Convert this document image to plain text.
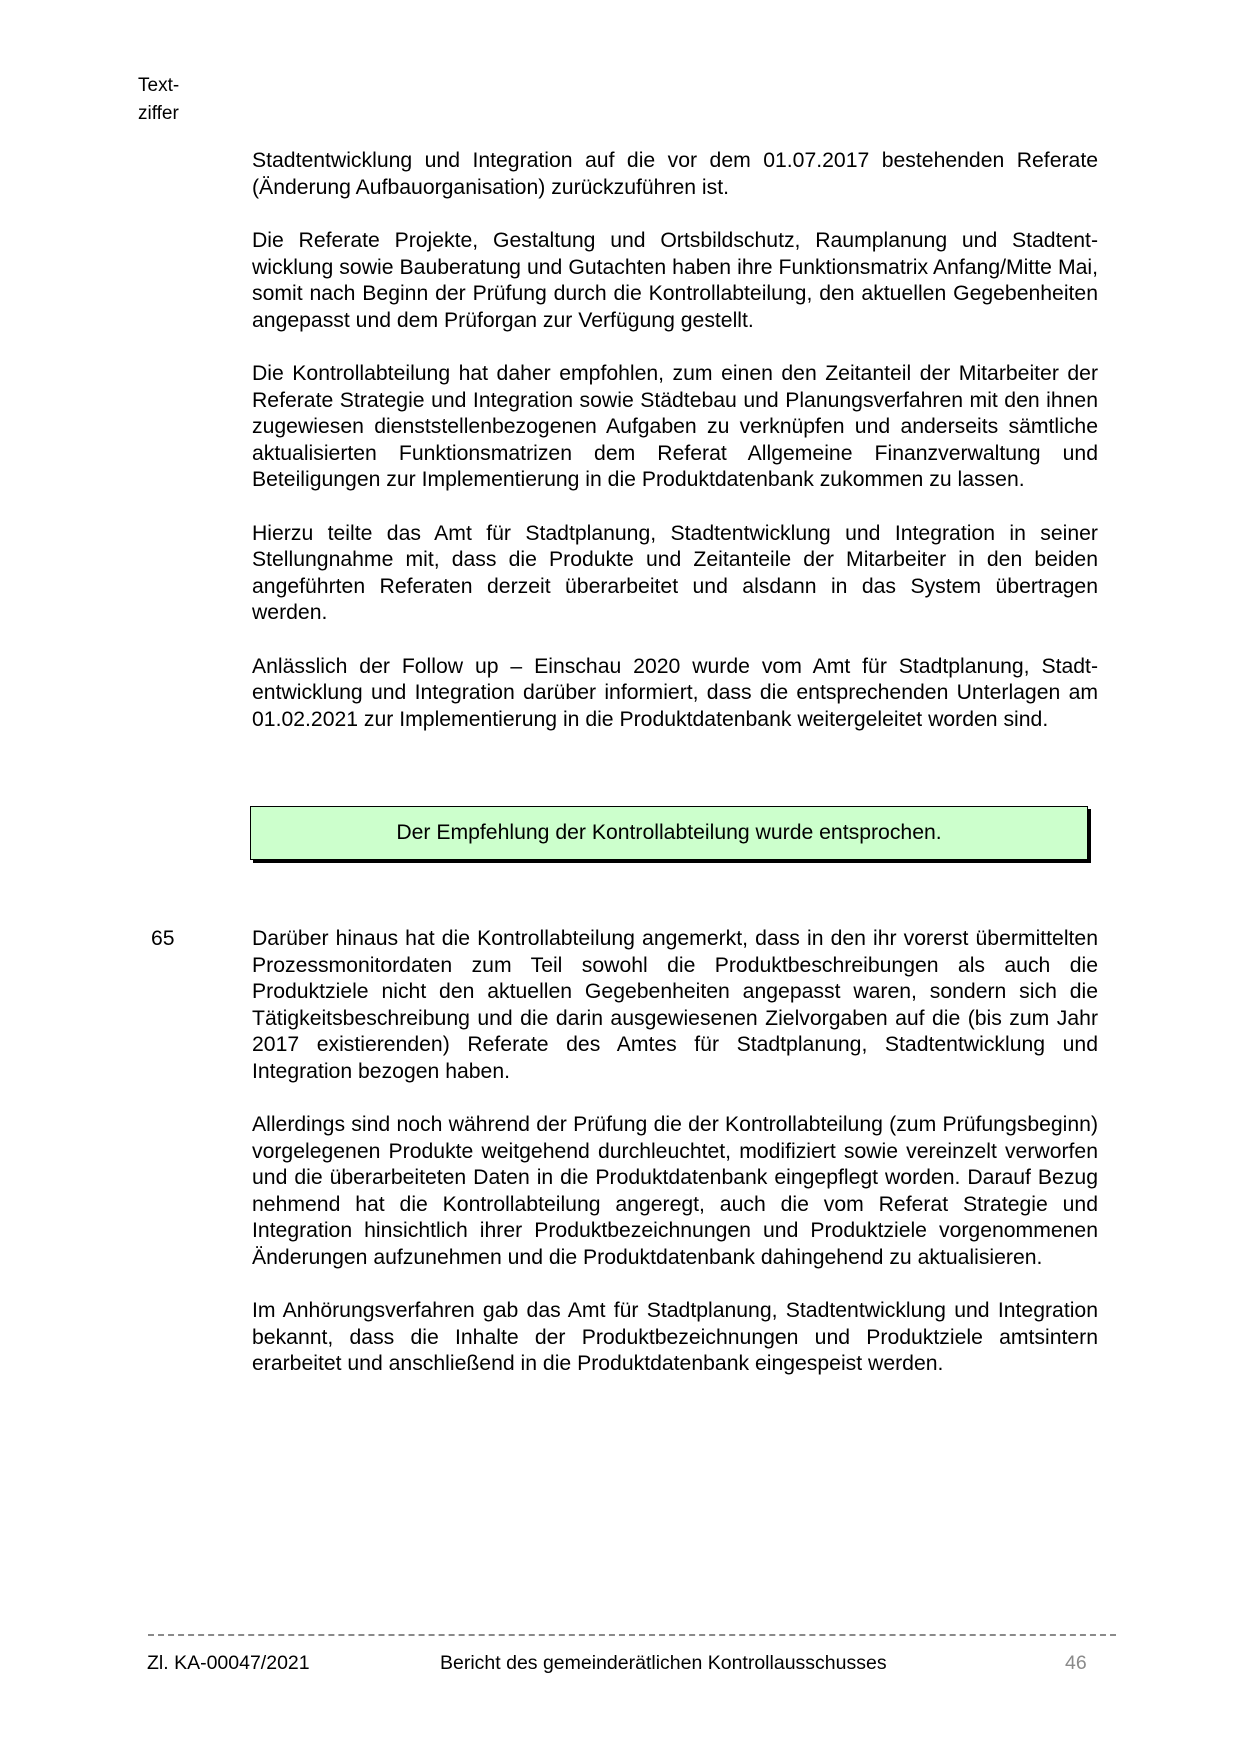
Text-
ziffer

Stadtentwicklung und Integration auf die vor dem 01.07.2017 bestehenden Referate (Änderung Aufbauorganisation) zurückzuführen ist.

Die Referate Projekte, Gestaltung und Ortsbildschutz, Raumplanung und Stadtentwicklung sowie Bauberatung und Gutachten haben ihre Funktionsmatrix Anfang/Mitte Mai, somit nach Beginn der Prüfung durch die Kontrollabteilung, den aktuellen Gegebenheiten angepasst und dem Prüforgan zur Verfügung gestellt.

Die Kontrollabteilung hat daher empfohlen, zum einen den Zeitanteil der Mitarbeiter der Referate Strategie und Integration sowie Städtebau und Planungsverfahren mit den ihnen zugewiesen dienststellenbezogenen Aufgaben zu verknüpfen und anderseits sämtliche aktualisierten Funktionsmatrizen dem Referat Allgemeine Finanzverwaltung und Beteiligungen zur Implementierung in die Produktdatenbank zukommen zu lassen.

Hierzu teilte das Amt für Stadtplanung, Stadtentwicklung und Integration in seiner Stellungnahme mit, dass die Produkte und Zeitanteile der Mitarbeiter in den beiden angeführten Referaten derzeit überarbeitet und alsdann in das System übertragen werden.

Anlässlich der Follow up – Einschau 2020 wurde vom Amt für Stadtplanung, Stadtentwicklung und Integration darüber informiert, dass die entsprechenden Unterlagen am 01.02.2021 zur Implementierung in die Produktdatenbank weitergeleitet worden sind.

Der Empfehlung der Kontrollabteilung wurde entsprochen.
65	Darüber hinaus hat die Kontrollabteilung angemerkt, dass in den ihr vorerst übermittelten Prozessmonitordaten zum Teil sowohl die Produktbeschreibungen als auch die Produktziele nicht den aktuellen Gegebenheiten angepasst waren, sondern sich die Tätigkeitsbeschreibung und die darin ausgewiesenen Zielvorgaben auf die (bis zum Jahr 2017 existierenden) Referate des Amtes für Stadtplanung, Stadtentwicklung und Integration bezogen haben.

Allerdings sind noch während der Prüfung die der Kontrollabteilung (zum Prüfungsbeginn) vorgelegenen Produkte weitgehend durchleuchtet, modifiziert sowie vereinzelt verworfen und die überarbeiteten Daten in die Produktdatenbank eingepflegt worden. Darauf Bezug nehmend hat die Kontrollabteilung angeregt, auch die vom Referat Strategie und Integration hinsichtlich ihrer Produktbezeichnungen und Produktziele vorgenommenen Änderungen aufzunehmen und die Produktdatenbank dahingehend zu aktualisieren.

Im Anhörungsverfahren gab das Amt für Stadtplanung, Stadtentwicklung und Integration bekannt, dass die Inhalte der Produktbezeichnungen und Produktziele amtsintern erarbeitet und anschließend in die Produktdatenbank eingespeist werden.

Zl. KA-00047/2021	Bericht des gemeinderätlichen Kontrollausschusses	46
